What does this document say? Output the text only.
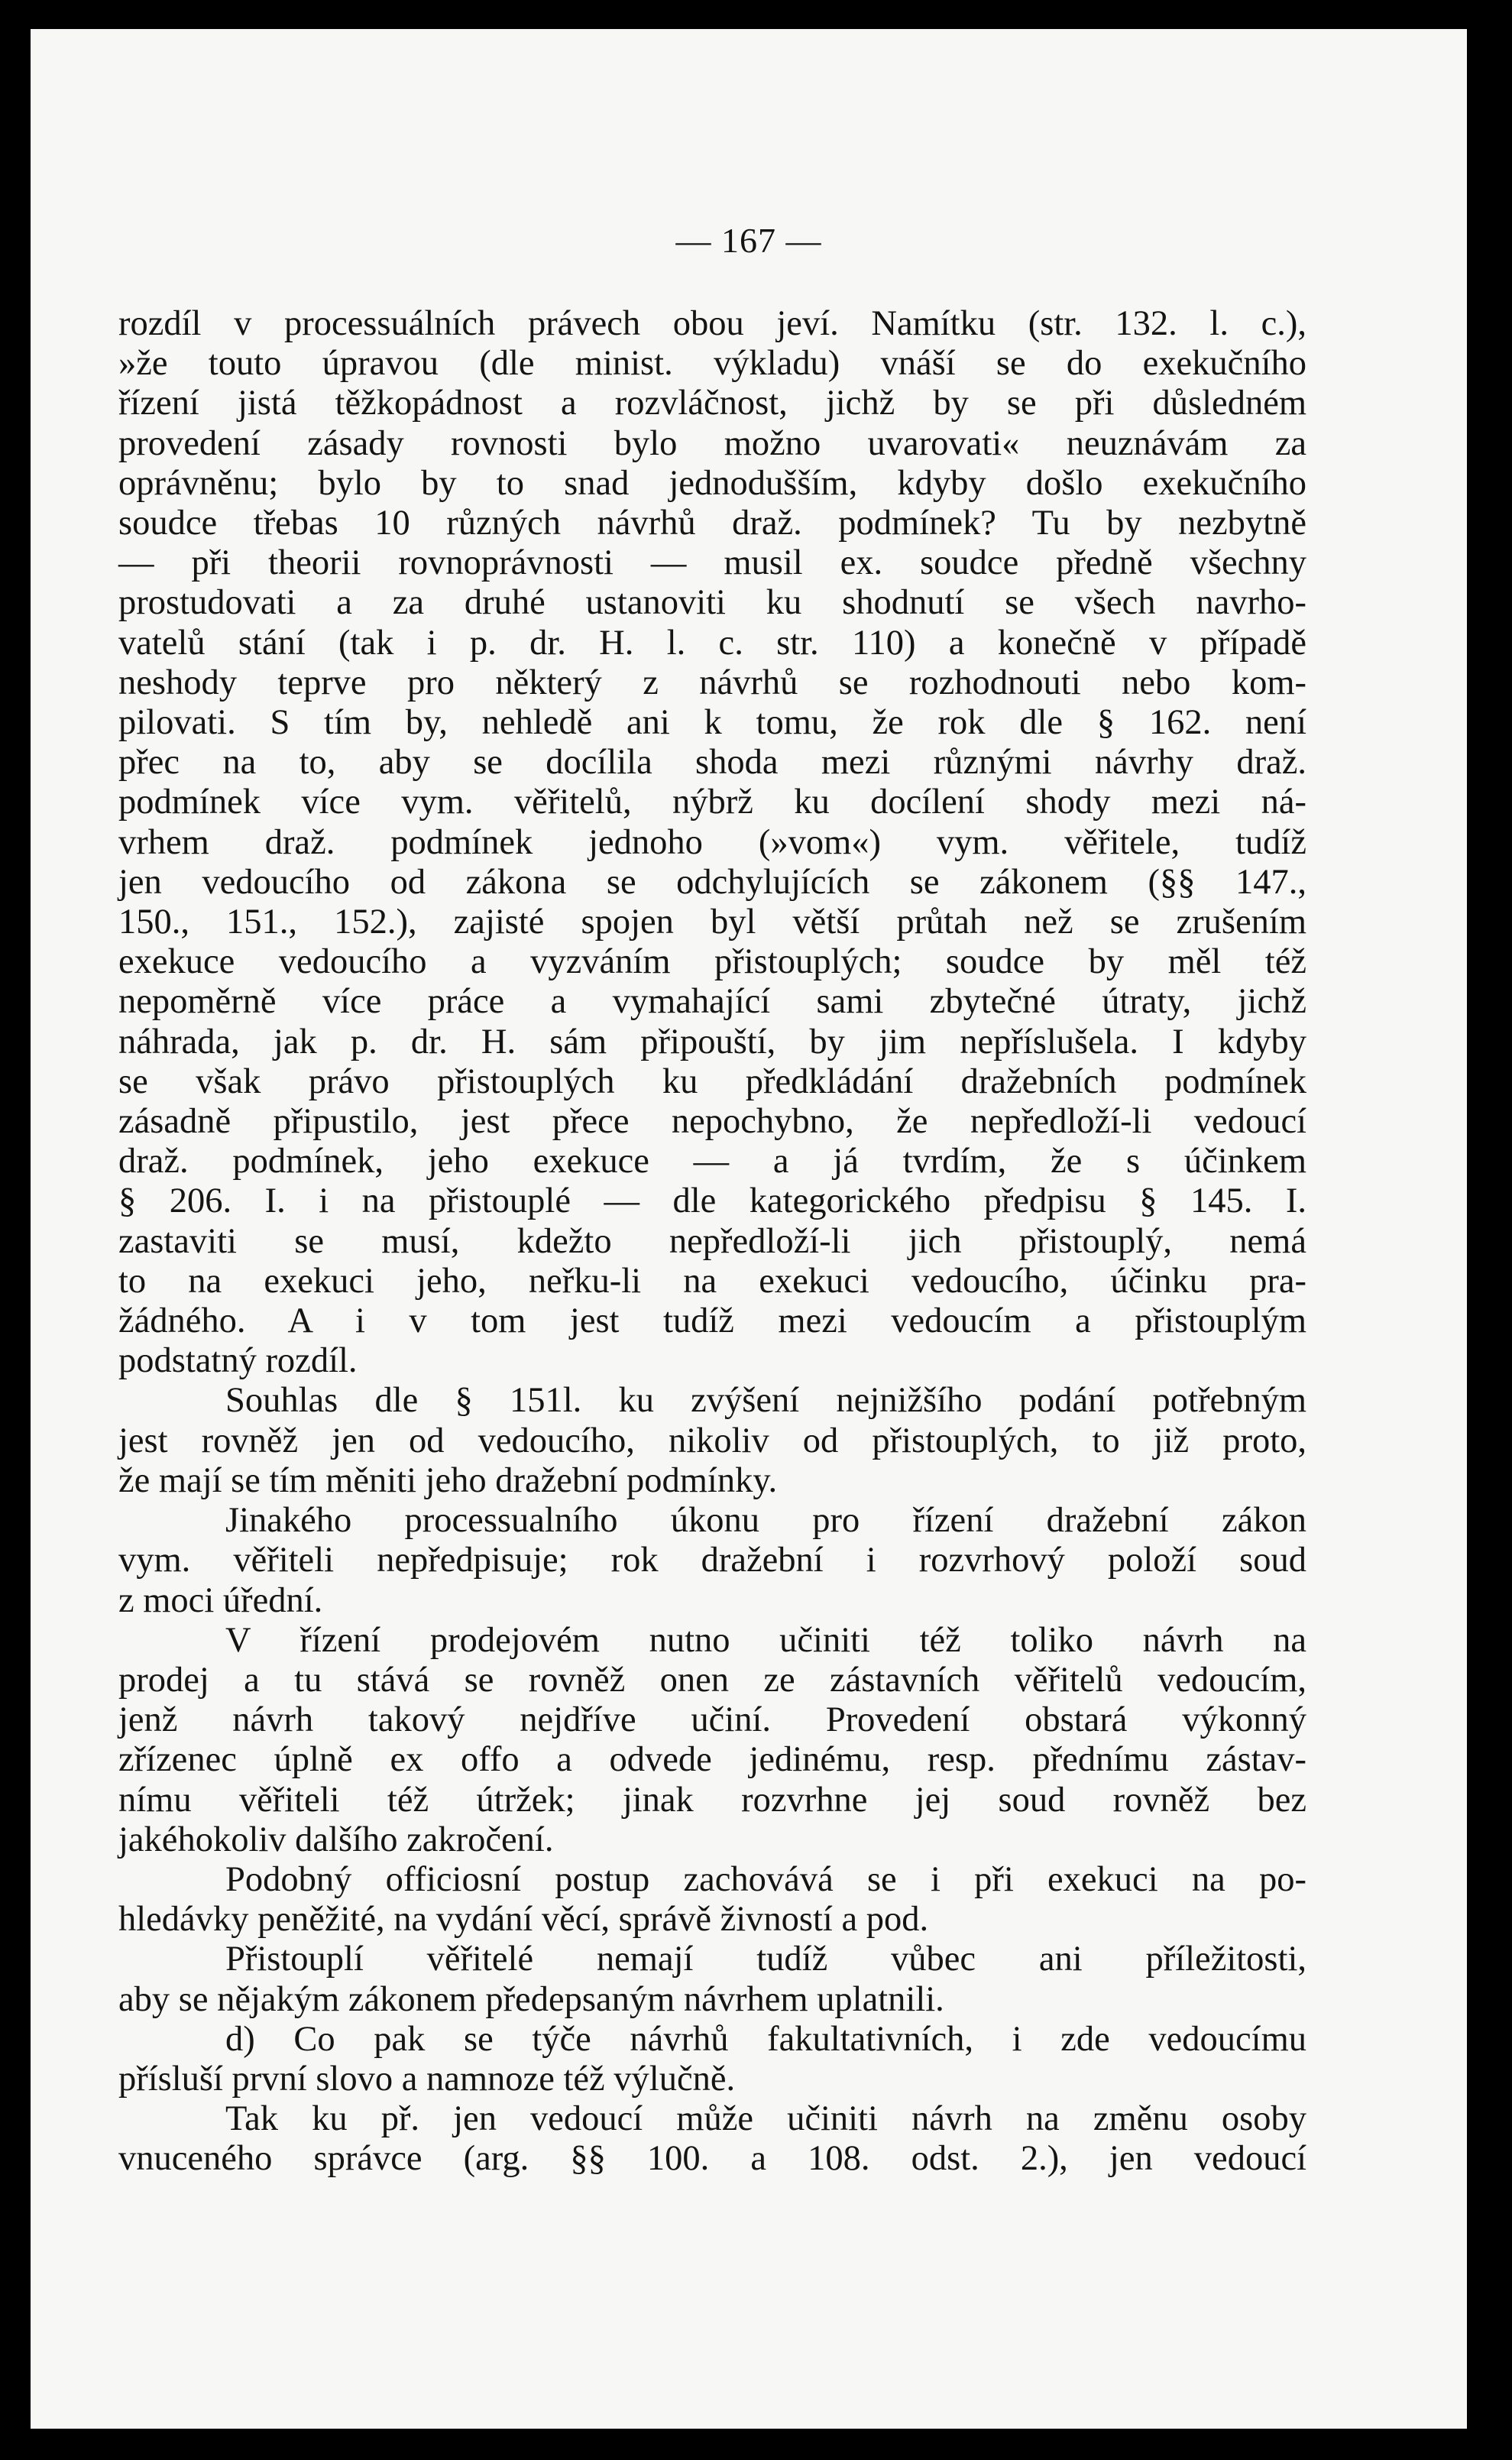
— 167 —
rozdíl v processuálních právech obou jeví. Namítku (str. 132. l. c.),
»že touto úpravou (dle minist. výkladu) vnáší se do exekučního
řízení jistá těžkopádnost a rozvláčnost, jichž by se při důsledném
provedení zásady rovnosti bylo možno uvarovati« neuznávám za
oprávněnu; bylo by to snad jednodušším, kdyby došlo exekučního
soudce třebas 10 různých návrhů draž. podmínek? Tu by nezbytně
— při theorii rovnoprávnosti — musil ex. soudce předně všechny
prostudovati a za druhé ustanoviti ku shodnutí se všech navrho-
vatelů stání (tak i p. dr. H. l. c. str. 110) a konečně v případě
neshody teprve pro některý z návrhů se rozhodnouti nebo kom-
pilovati. S tím by, nehledě ani k tomu, že rok dle § 162. není
přec na to, aby se docílila shoda mezi různými návrhy draž.
podmínek více vym. věřitelů, nýbrž ku docílení shody mezi ná-
vrhem draž. podmínek jednoho (»vom«) vym. věřitele, tudíž
jen vedoucího od zákona se odchylujících se zákonem (§§ 147.,
150., 151., 152.), zajisté spojen byl větší průtah než se zrušením
exekuce vedoucího a vyzváním přistouplých; soudce by měl též
nepoměrně více práce a vymahající sami zbytečné útraty, jichž
náhrada, jak p. dr. H. sám připouští, by jim nepříslušela. I kdyby
se však právo přistouplých ku předkládání dražebních podmínek
zásadně připustilo, jest přece nepochybno, že nepředloží-li vedoucí
draž. podmínek, jeho exekuce — a já tvrdím, že s účinkem
§ 206. I. i na přistouplé — dle kategorického předpisu § 145. I.
zastaviti se musí, kdežto nepředloží-li jich přistouplý, nemá
to na exekuci jeho, neřku-li na exekuci vedoucího, účinku pra-
žádného. A i v tom jest tudíž mezi vedoucím a přistouplým
podstatný rozdíl.
Souhlas dle § 151l. ku zvýšení nejnižšího podání potřebným
jest rovněž jen od vedoucího, nikoliv od přistouplých, to již proto,
že mají se tím měniti jeho dražební podmínky.
Jinakého processualního úkonu pro řízení dražební zákon
vym. věřiteli nepředpisuje; rok dražební i rozvrhový položí soud
z moci úřední.
V řízení prodejovém nutno učiniti též toliko návrh na
prodej a tu stává se rovněž onen ze zástavních věřitelů vedoucím,
jenž návrh takový nejdříve učiní. Provedení obstará výkonný
zřízenec úplně ex offo a odvede jedinému, resp. přednímu zástav-
nímu věřiteli též útržek; jinak rozvrhne jej soud rovněž bez
jakéhokoliv dalšího zakročení.
Podobný officiosní postup zachovává se i při exekuci na po-
hledávky peněžité, na vydání věcí, správě živností a pod.
Přistouplí věřitelé nemají tudíž vůbec ani příležitosti,
aby se nějakým zákonem předepsaným návrhem uplatnili.
d) Co pak se týče návrhů fakultativních, i zde vedoucímu
přísluší první slovo a namnoze též výlučně.
Tak ku př. jen vedoucí může učiniti návrh na změnu osoby
vnuceného správce (arg. §§ 100. a 108. odst. 2.), jen vedoucí
